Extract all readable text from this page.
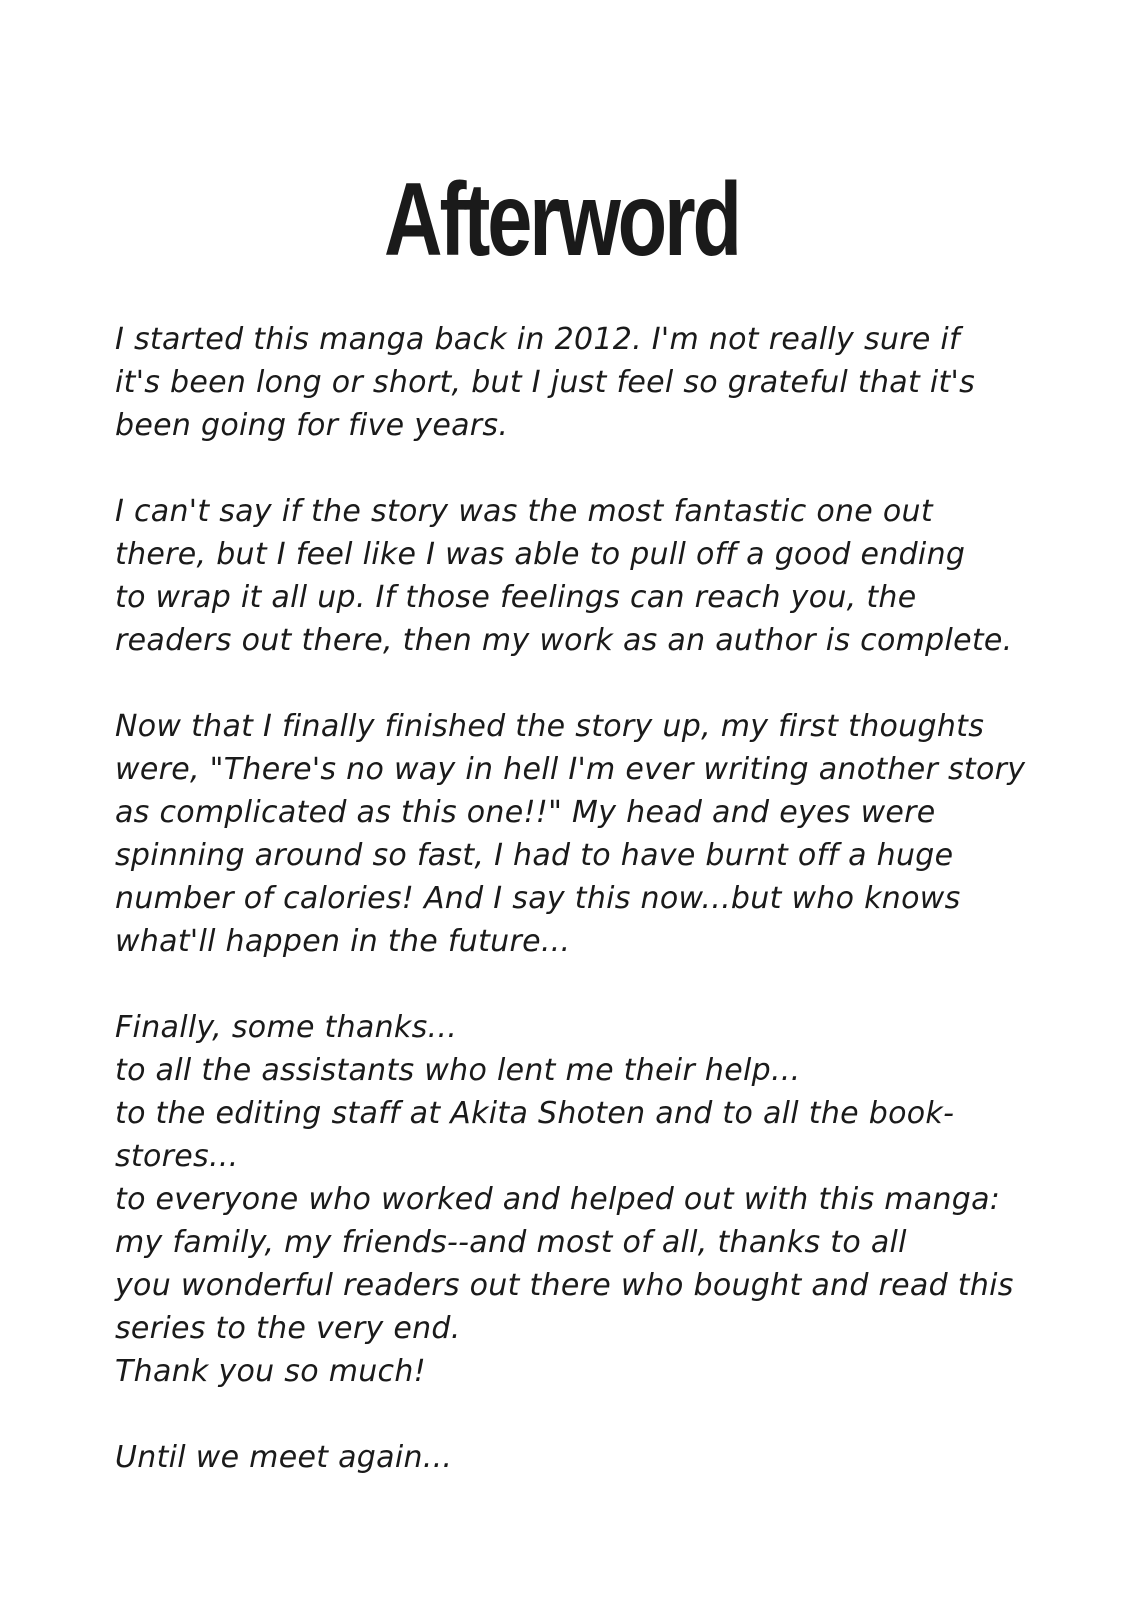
Afterword
I started this manga back in 2012. I'm not really sure if
it's been long or short, but I just feel so grateful that it's
been going for five years.
I can't say if the story was the most fantastic one out
there, but I feel like I was able to pull off a good ending
to wrap it all up. If those feelings can reach you, the
readers out there, then my work as an author is complete.
Now that I finally finished the story up, my first thoughts
were, "There's no way in hell I'm ever writing another story
as complicated as this one!!" My head and eyes were
spinning around so fast, I had to have burnt off a huge
number of calories! And I say this now...but who knows
what'll happen in the future...
Finally, some thanks...
to all the assistants who lent me their help...
to the editing staff at Akita Shoten and to all the book-
stores...
to everyone who worked and helped out with this manga:
my family, my friends--and most of all, thanks to all
you wonderful readers out there who bought and read this
series to the very end.
Thank you so much!
Until we meet again...
